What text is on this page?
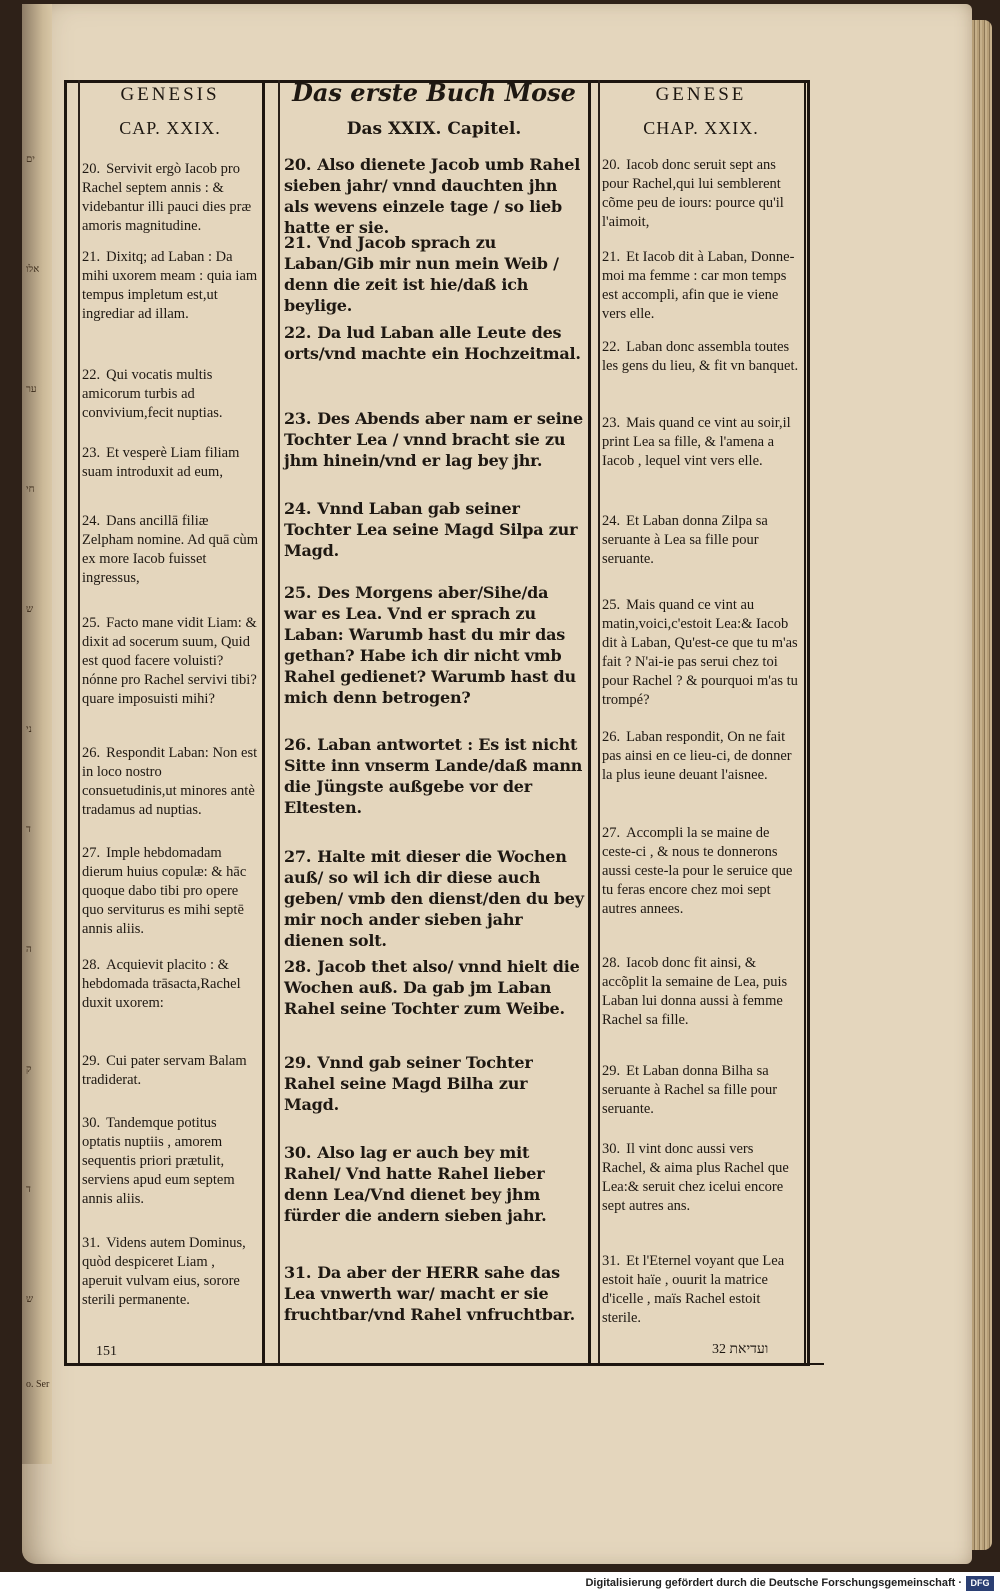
ים
אלו
ער
חי
ש
ני
ד
ה
ק
ד
ש
o. Ser
GENESIS
CAP. XXIX.
20. Servivit ergò Iacob pro Rachel septem annis : & videbantur illi pauci dies præ amoris magnitudine.
21. Dixitq; ad Laban : Da mihi uxorem meam : quia iam tempus impletum est,ut ingrediar ad illam.
22. Qui vocatis multis amicorum turbis ad convivium,fecit nuptias.
23. Et vesperè Liam filiam suam introduxit ad eum,
24. Dans ancillā filiæ Zelpham nomine. Ad quā cùm ex more Iacob fuisset ingressus,
25. Facto mane vidit Liam: & dixit ad socerum suum, Quid est quod facere voluisti?nónne pro Rachel servivi tibi?quare imposuisti mihi?
26. Respondit Laban: Non est in loco nostro consuetudinis,ut minores antè tradamus ad nuptias.
27. Imple hebdomadam dierum huius copulæ: & hāc quoque dabo tibi pro opere quo serviturus es mihi septē annis aliis.
28. Acquievit placito : & hebdomada trāsacta,Rachel duxit uxorem:
29. Cui pater servam Balam tradiderat.
30. Tandemque potitus optatis nuptiis , amorem sequentis priori prætulit, serviens apud eum septem annis aliis.
31. Videns autem Dominus, quòd despiceret Liam , aperuit vulvam eius, sorore sterili permanente.
Das erste Buch Mose
Das XXIX. Capitel.
20. Also dienete Jacob umb Rahel sieben jahr/ vnnd dauchten jhn als wevens einzele tage / so lieb hatte er sie.
21. Vnd Jacob sprach zu Laban/Gib mir nun mein Weib / denn die zeit ist hie/daß ich beylige.
22. Da lud Laban alle Leute des orts/vnd machte ein Hochzeitmal.
23. Des Abends aber nam er seine Tochter Lea / vnnd bracht sie zu jhm hinein/vnd er lag bey jhr.
24. Vnnd Laban gab seiner Tochter Lea seine Magd Silpa zur Magd.
25. Des Morgens aber/Sihe/da war es Lea. Vnd er sprach zu Laban: Warumb hast du mir das gethan? Habe ich dir nicht vmb Rahel gedienet? Warumb hast du mich denn betrogen?
26. Laban antwortet : Es ist nicht Sitte inn vnserm Lande/daß mann die Jüngste außgebe vor der Eltesten.
27. Halte mit dieser die Wochen auß/ so wil ich dir diese auch geben/ vmb den dienst/den du bey mir noch ander sieben jahr dienen solt.
28. Jacob thet also/ vnnd hielt die Wochen auß. Da gab jm Laban Rahel seine Tochter zum Weibe.
29. Vnnd gab seiner Tochter Rahel seine Magd Bilha zur Magd.
30. Also lag er auch bey mit Rahel/ Vnd hatte Rahel lieber denn Lea/Vnd dienet bey jhm fürder die andern sieben jahr.
31. Da aber der HERR sahe das Lea vnwerth war/ macht er sie fruchtbar/vnd Rahel vnfruchtbar.
GENESE
CHAP. XXIX.
20. Iacob donc seruit sept ans pour Rachel,qui lui semblerent cõme peu de iours: pource qu'il l'aimoit,
21. Et Iacob dit à Laban, Donne-moi ma femme : car mon temps est accompli, afin que ie viene vers elle.
22. Laban donc assembla toutes les gens du lieu, & fit vn banquet.
23. Mais quand ce vint au soir,il print Lea sa fille, & l'amena a Iacob , lequel vint vers elle.
24. Et Laban donna Zilpa sa seruante à Lea sa fille pour seruante.
25. Mais quand ce vint au matin,voici,c'estoit Lea:& Iacob dit à Laban, Qu'est-ce que tu m'as fait ? N'ai-ie pas serui chez toi pour Rachel ? & pourquoi m'as tu trompé?
26. Laban respondit, On ne fait pas ainsi en ce lieu-ci, de donner la plus ieune deuant l'aisnee.
27. Accompli la se maine de ceste-ci , & nous te donnerons aussi ceste-la pour le seruice que tu feras encore chez moi sept autres annees.
28. Iacob donc fit ainsi, & accõplit la semaine de Lea, puis Laban lui donna aussi à femme Rachel sa fille.
29. Et Laban donna Bilha sa seruante à Rachel sa fille pour seruante.
30. Il vint donc aussi vers Rachel, & aima plus Rachel que Lea:& seruit chez icelui encore sept autres ans.
31. Et l'Eternel voyant que Lea estoit haïe , ouurit la matrice d'icelle , maïs Rachel estoit sterile.
151	32 ועדיאת
Digitalisierung gefördert durch die Deutsche Forschungsgemeinschaft · DFG
